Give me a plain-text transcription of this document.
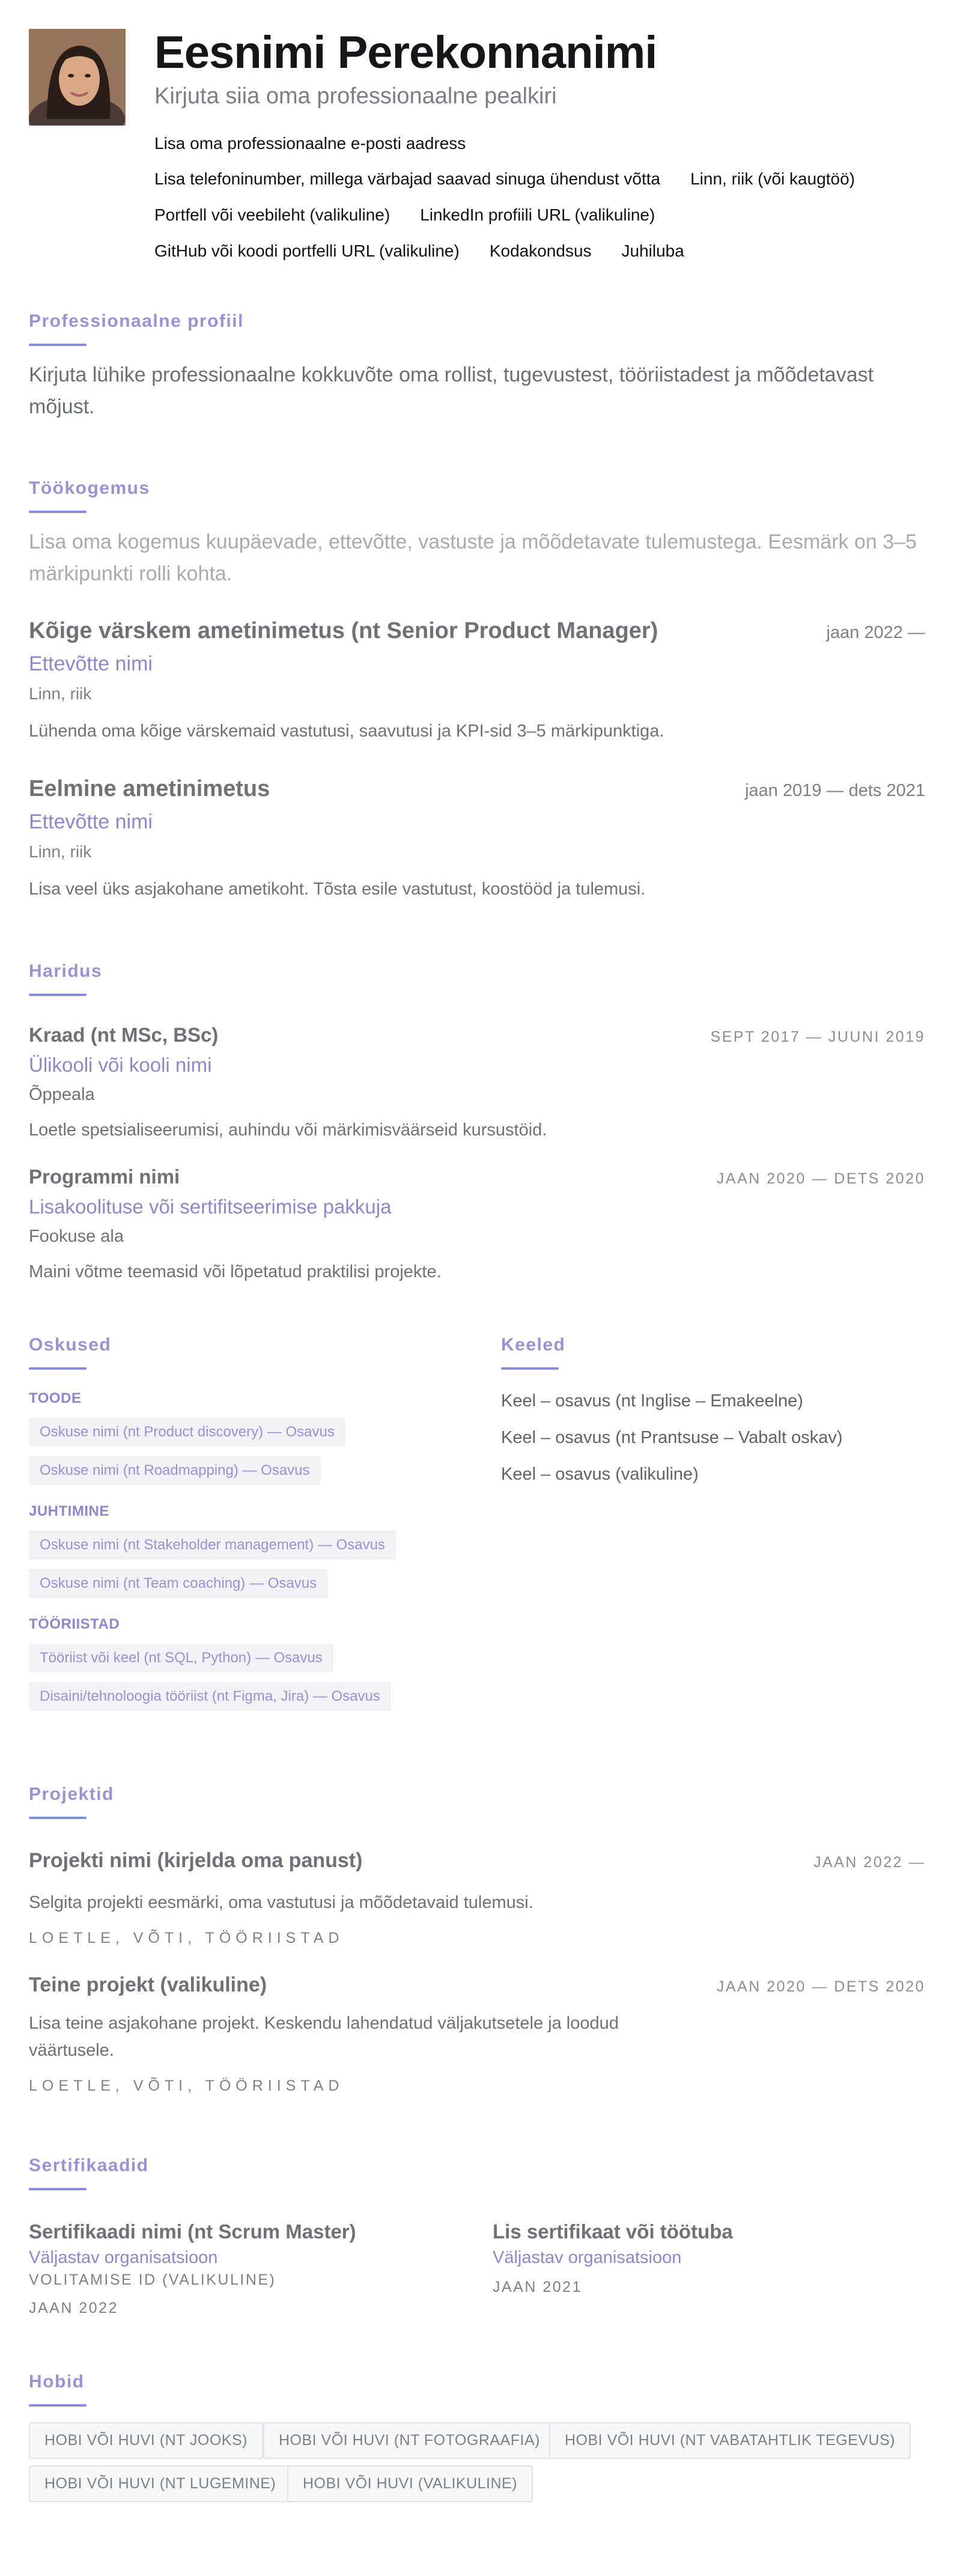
Eesnimi Perekonnanimi
Kirjuta siia oma professionaalne pealkiri
Lisa oma professionaalne e-posti aadress
Lisa telefoninumber, millega värbajad saavad sinuga ühendust võtta Linn, riik (või kaugtöö)
Portfell või veebileht (valikuline) LinkedIn profiili URL (valikuline)
GitHub või koodi portfelli URL (valikuline) Kodakondsus Juhiluba
Professionaalne profiil
Kirjuta lühike professionaalne kokkuvõte oma rollist, tugevustest, tööriistadest ja mõõdetavast mõjust.
Töökogemus
Lisa oma kogemus kuupäevade, ettevõtte, vastuste ja mõõdetavate tulemustega. Eesmärk on 3–5 märkipunkti rolli kohta.
Kõige värskem ametinimetus (nt Senior Product Manager)	jaan 2022 —
Ettevõtte nimi
Linn, riik
Lühenda oma kõige värskemaid vastutusi, saavutusi ja KPI-sid 3–5 märkipunktiga.
Eelmine ametinimetus	jaan 2019 — dets 2021
Ettevõtte nimi
Linn, riik
Lisa veel üks asjakohane ametikoht. Tõsta esile vastutust, koostööd ja tulemusi.
Haridus
Kraad (nt MSc, BSc)	SEPT 2017 — JUUNI 2019
Ülikooli või kooli nimi
Õppeala
Loetle spetsialiseerumisi, auhindu või märkimisväärseid kursustöid.
Programmi nimi	JAAN 2020 — DETS 2020
Lisakoolituse või sertifitseerimise pakkuja
Fookuse ala
Maini võtme teemasid või lõpetatud praktilisi projekte.
Oskused
TOODE
Oskuse nimi (nt Product discovery) — Osavus
Oskuse nimi (nt Roadmapping) — Osavus
JUHTIMINE
Oskuse nimi (nt Stakeholder management) — Osavus
Oskuse nimi (nt Team coaching) — Osavus
TÖÖRIISTAD
Tööriist või keel (nt SQL, Python) — Osavus
Disaini/tehnoloogia tööriist (nt Figma, Jira) — Osavus
Keeled
Keel – osavus (nt Inglise – Emakeelne)
Keel – osavus (nt Prantsuse – Vabalt oskav)
Keel – osavus (valikuline)
Projektid
Projekti nimi (kirjelda oma panust)	JAAN 2022 —
Selgita projekti eesmärki, oma vastutusi ja mõõdetavaid tulemusi.
LOETLE, VÕTI, TÖÖRIISTAD
Teine projekt (valikuline)	JAAN 2020 — DETS 2020
Lisa teine asjakohane projekt. Keskendu lahendatud väljakutsetele ja loodud
väärtusele.
LOETLE, VÕTI, TÖÖRIISTAD
Sertifikaadid
Sertifikaadi nimi (nt Scrum Master)
Väljastav organisatsioon
VOLITAMISE ID (VALIKULINE)
JAAN 2022
Lis sertifikaat või töötuba
Väljastav organisatsioon
JAAN 2021
Hobid
HOBI VÕI HUVI (NT JOOKS)	HOBI VÕI HUVI (NT FOTOGRAAFIA)	HOBI VÕI HUVI (NT VABATAHTLIK TEGEVUS)
HOBI VÕI HUVI (NT LUGEMINE)	HOBI VÕI HUVI (VALIKULINE)
